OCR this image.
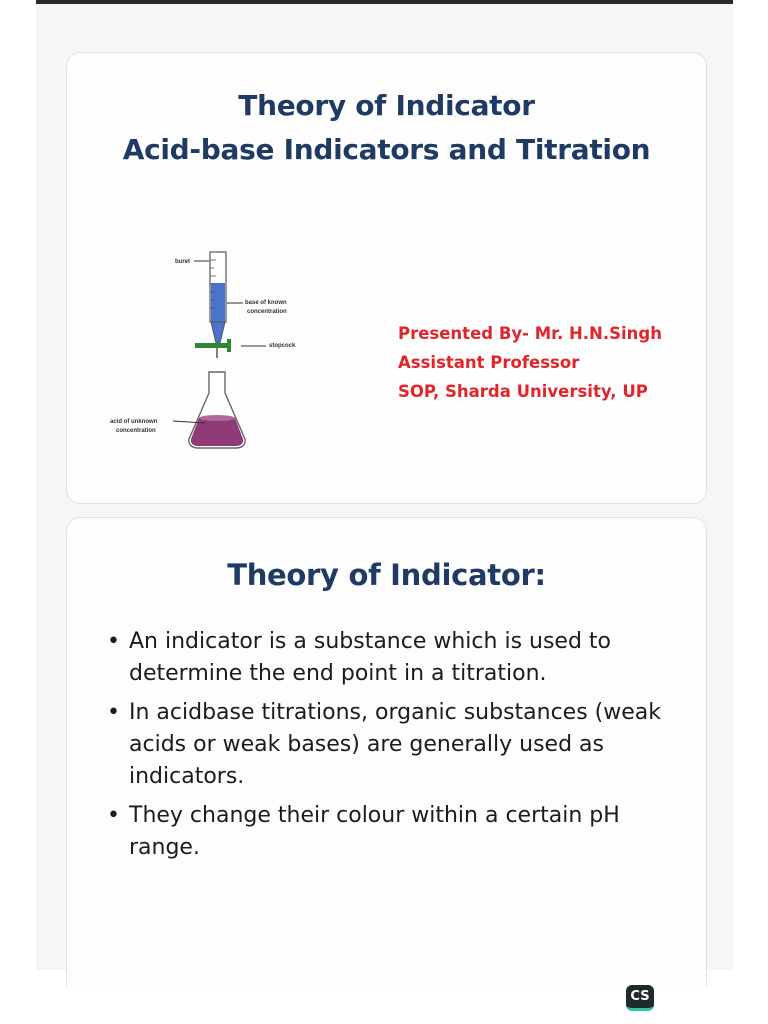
Theory of Indicator
Acid-base Indicators and Titration
buret
base of known
concentration
stopcock
acid of unknown
concentration
Presented By- Mr. H.N.Singh
Assistant Professor
SOP, Sharda University, UP
Theory of Indicator:
• An indicator is a substance which is used to determine the end point in a titration.
• In acidbase titrations, organic substances (weak acids or weak bases) are generally used as indicators.
• They change their colour within a certain pH range.
CS
